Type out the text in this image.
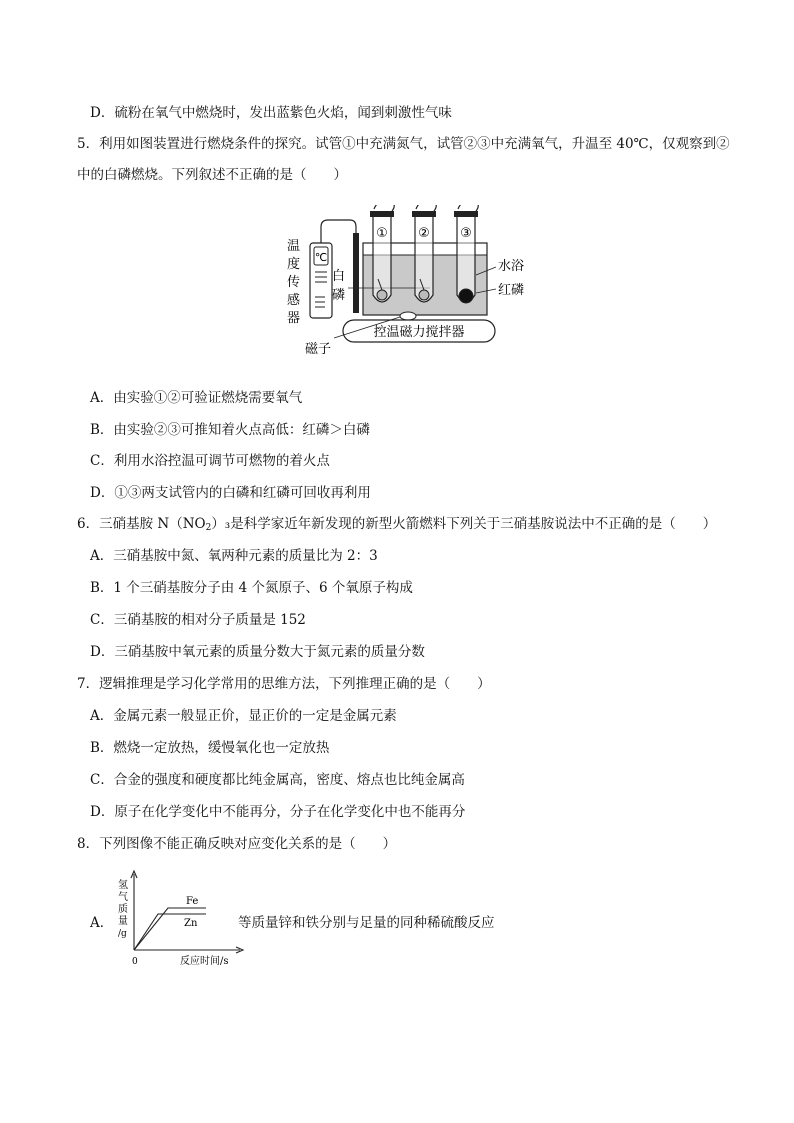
D．硫粉在氧气中燃烧时，发出蓝紫色火焰，闻到刺激性气味
5．利用如图装置进行燃烧条件的探究。试管①中充满氮气，试管②③中充满氧气，升温至 40℃，仅观察到②
中的白磷燃烧。下列叙述不正确的是（　　）
℃
温
度
传
感
器
白
磷
① ② ③
水浴
红磷
控温磁力搅拌器
磁子
A．由实验①②可验证燃烧需要氧气
B．由实验②③可推知着火点高低：红磷＞白磷
C．利用水浴控温可调节可燃物的着火点
D．①③两支试管内的白磷和红磷可回收再利用
6．三硝基胺 $N(NO_2)_3$是科学家近年新发现的新型火箭燃料下列关于三硝基胺说法中不正确的是（　　）
A．三硝基胺中氮、氧两种元素的质量比为 2：3
B．1 个三硝基胺分子由 4 个氮原子、6 个氧原子构成
C．三硝基胺的相对分子质量是 152
D．三硝基胺中氧元素的质量分数大于氮元素的质量分数
7．逻辑推理是学习化学常用的思维方法，下列推理正确的是（　　）
A．金属元素一般显正价，显正价的一定是金属元素
B．燃烧一定放热，缓慢氧化也一定放热
C．合金的强度和硬度都比纯金属高，密度、熔点也比纯金属高
D．原子在化学变化中不能再分，分子在化学变化中也不能再分
8．下列图像不能正确反映对应变化关系的是（　　）
A．
氢
气
质
量
/g
0	反应时间/s
Fe
Zn	等质量锌和铁分别与足量的同种稀硫酸反应
